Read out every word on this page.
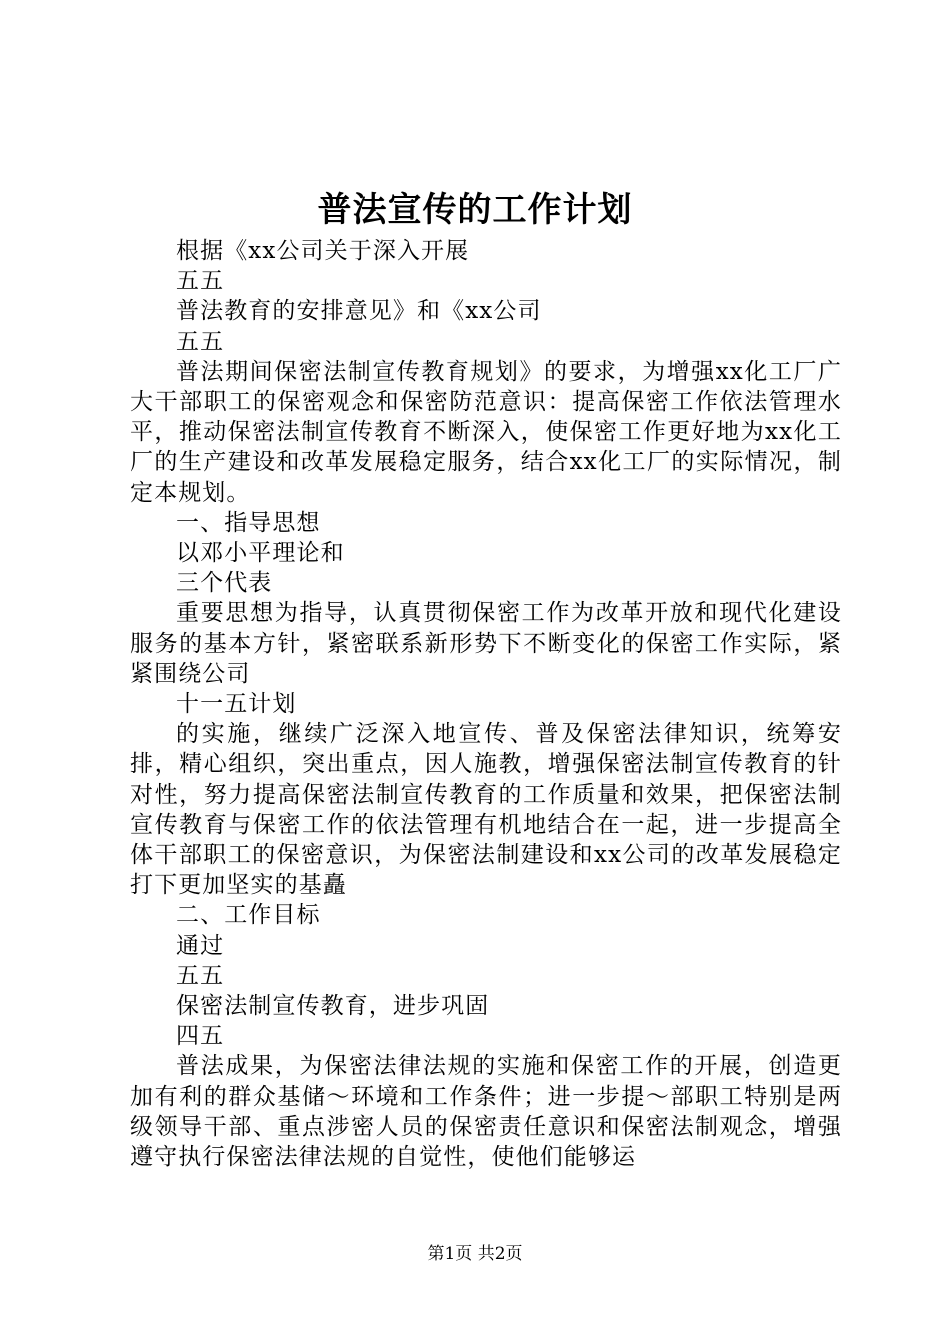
普法宣传的工作计划

根据《xx公司关于深入开展

五五

普法教育的安排意见》和《xx公司

五五

普法期间保密法制宣传教育规划》的要求，为增强xx化工厂广大干部职工的保密观念和保密防范意识：提高保密工作依法管理水平，推动保密法制宣传教育不断深入，使保密工作更好地为xx化工厂的生产建设和改革发展稳定服务，结合xx化工厂的实际情况，制定本规划。

一、指导思想

以邓小平理论和

三个代表

重要思想为指导，认真贯彻保密工作为改革开放和现代化建设服务的基本方针，紧密联系新形势下不断变化的保密工作实际，紧紧围绕公司

十一五计划

的实施，继续广泛深入地宣传、普及保密法律知识，统筹安排，精心组织，突出重点，因人施教，增强保密法制宣传教育的针对性，努力提高保密法制宣传教育的工作质量和效果，把保密法制宣传教育与保密工作的依法管理有机地结合在一起，进一步提高全体干部职工的保密意识，为保密法制建设和xx公司的改革发展稳定打下更加坚实的基矗

二、工作目标

通过

五五

保密法制宣传教育，进步巩固

四五

普法成果，为保密法律法规的实施和保密工作的开展，创造更加有利的群众基储～环境和工作条件；进一步提～部职工特别是两级领导干部、重点涉密人员的保密责任意识和保密法制观念，增强遵守执行保密法律法规的自觉性，使他们能够运

第1页 共2页
